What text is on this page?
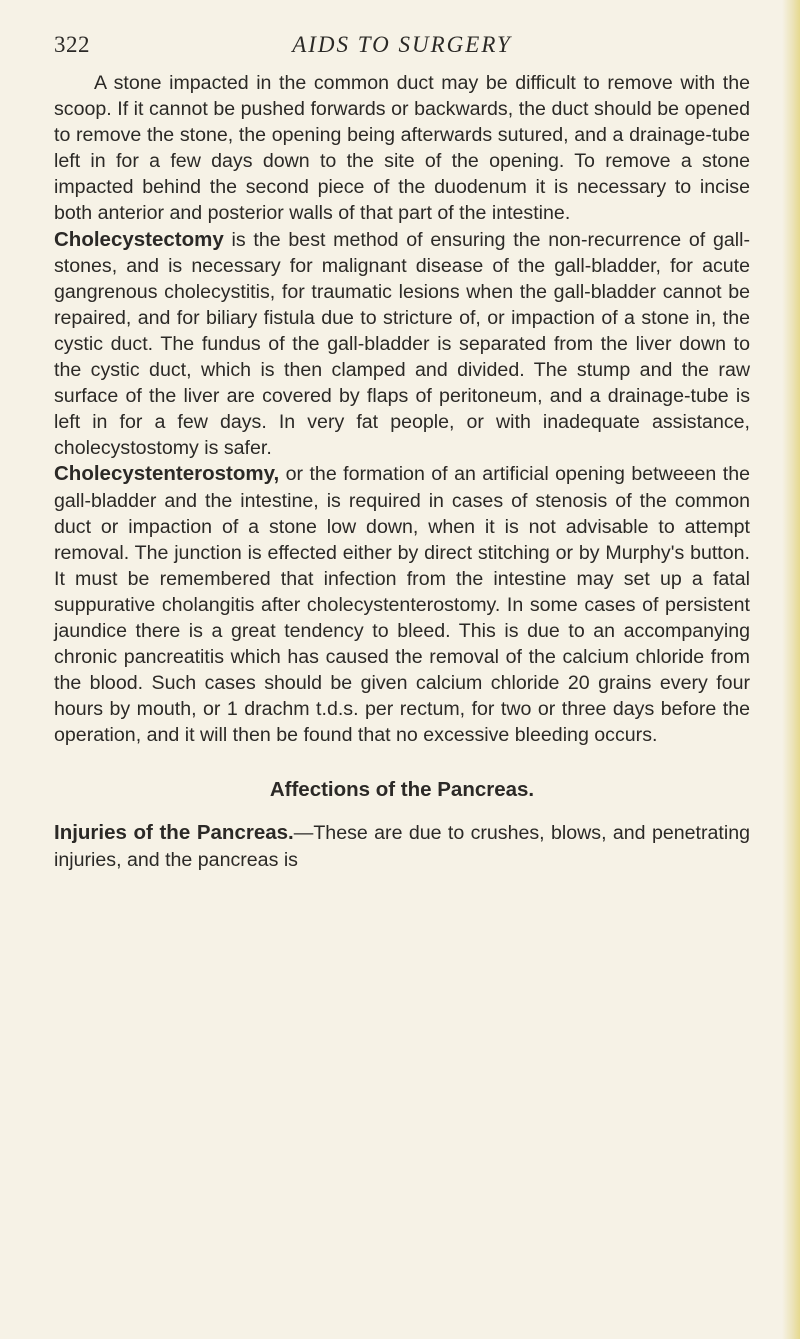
322	AIDS TO SURGERY

A stone impacted in the common duct may be difficult to remove with the scoop. If it cannot be pushed forwards or backwards, the duct should be opened to remove the stone, the opening being afterwards sutured, and a drainage-tube left in for a few days down to the site of the opening. To remove a stone impacted behind the second piece of the duodenum it is necessary to incise both anterior and posterior walls of that part of the intestine.

Cholecystectomy is the best method of ensuring the non-recurrence of gall-stones, and is necessary for malignant disease of the gall-bladder, for acute gangrenous cholecystitis, for traumatic lesions when the gall-bladder cannot be repaired, and for biliary fistula due to stricture of, or impaction of a stone in, the cystic duct. The fundus of the gall-bladder is separated from the liver down to the cystic duct, which is then clamped and divided. The stump and the raw surface of the liver are covered by flaps of peritoneum, and a drainage-tube is left in for a few days. In very fat people, or with inadequate assistance, cholecystostomy is safer.

Cholecystenterostomy, or the formation of an artificial opening betweeen the gall-bladder and the intestine, is required in cases of stenosis of the common duct or impaction of a stone low down, when it is not advisable to attempt removal. The junction is effected either by direct stitching or by Murphy's button. It must be remembered that infection from the intestine may set up a fatal suppurative cholangitis after cholecystenterostomy. In some cases of persistent jaundice there is a great tendency to bleed. This is due to an accompanying chronic pancreatitis which has caused the removal of the calcium chloride from the blood. Such cases should be given calcium chloride 20 grains every four hours by mouth, or 1 drachm t.d.s. per rectum, for two or three days before the operation, and it will then be found that no excessive bleeding occurs.

Affections of the Pancreas.

Injuries of the Pancreas.—These are due to crushes, blows, and penetrating injuries, and the pancreas is
